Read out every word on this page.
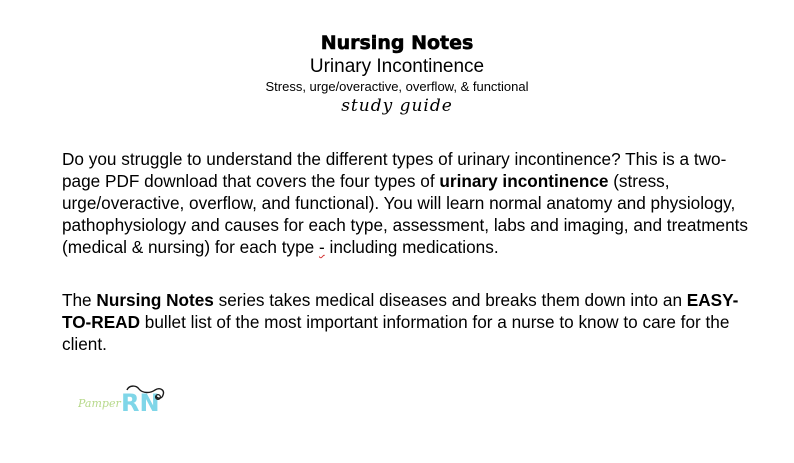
Nursing Notes
Urinary Incontinence
Stress, urge/overactive, overflow, & functional
study guide
Do you struggle to understand the different types of urinary incontinence? This is a two-page PDF download that covers the four types of urinary incontinence (stress, urge/overactive, overflow, and functional). You will learn normal anatomy and physiology, pathophysiology and causes for each type, assessment, labs and imaging, and treatments (medical & nursing) for each type - including medications.
The Nursing Notes series takes medical diseases and breaks them down into an EASY-TO-READ bullet list of the most important information for a nurse to know to care for the client.
Pamper RN
